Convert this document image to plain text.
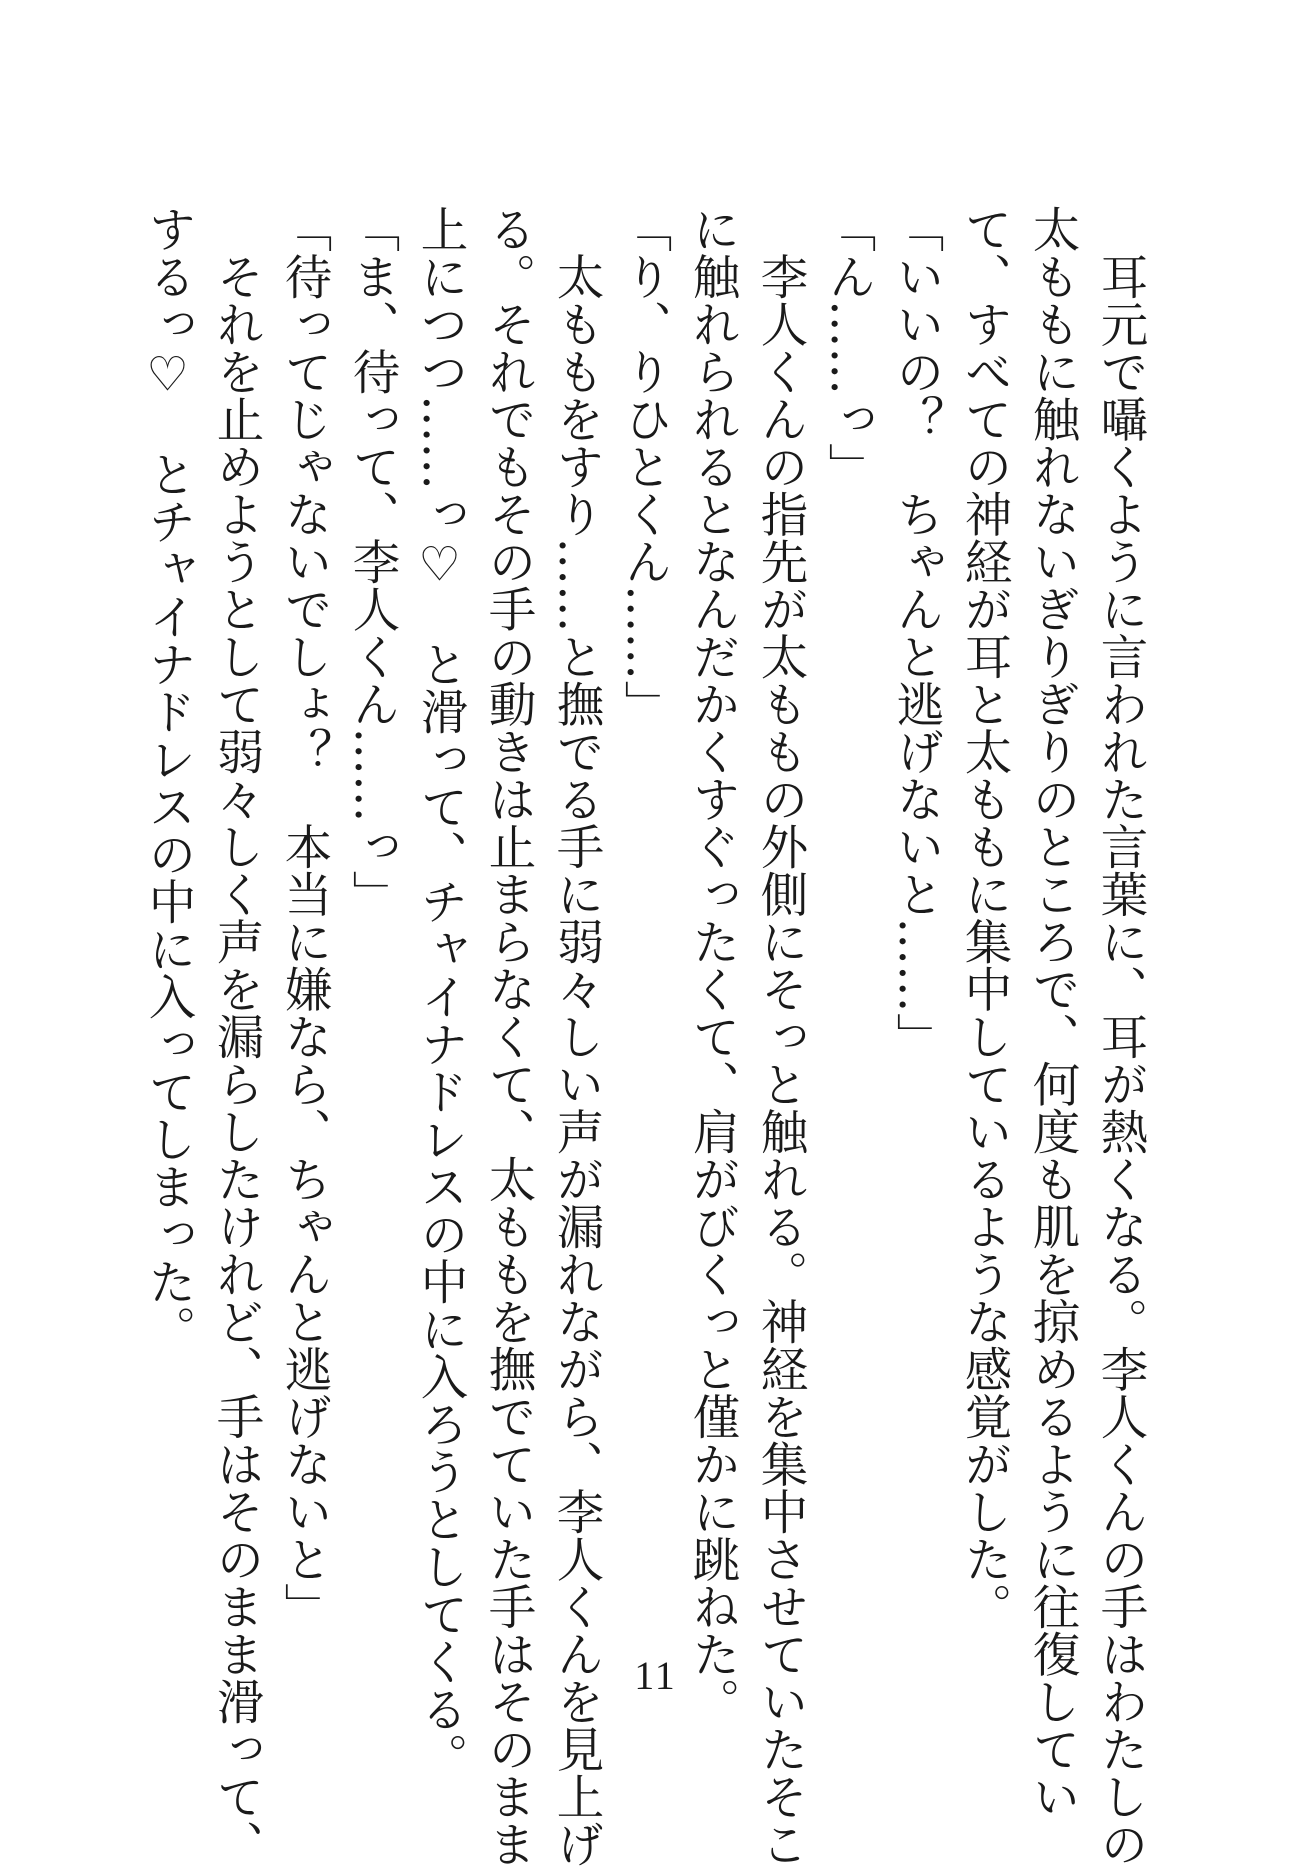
　耳元で囁くように言われた言葉に、耳が熱くなる。李人くんの手はわたしの
太ももに触れないぎりぎりのところで、何度も肌を掠めるように往復してい
て、すべての神経が耳と太ももに集中しているような感覚がした。
「いいの？　ちゃんと逃げないと……」
「ん……っ」
　李人くんの指先が太ももの外側にそっと触れる。神経を集中させていたそこ
に触れられるとなんだかくすぐったくて、肩がびくっと僅かに跳ねた。
「り、りひとくん……」
　太ももをすり……と撫でる手に弱々しい声が漏れながら、李人くんを見上げ
る。それでもその手の動きは止まらなくて、太ももを撫でていた手はそのまま
上につつ……っ♡　と滑って、チャイナドレスの中に入ろうとしてくる。
「ま、待って、李人くん……っ」
「待ってじゃないでしょ？　本当に嫌なら、ちゃんと逃げないと」
　それを止めようとして弱々しく声を漏らしたけれど、手はそのまま滑って、
するっ♡　とチャイナドレスの中に入ってしまった。
11
